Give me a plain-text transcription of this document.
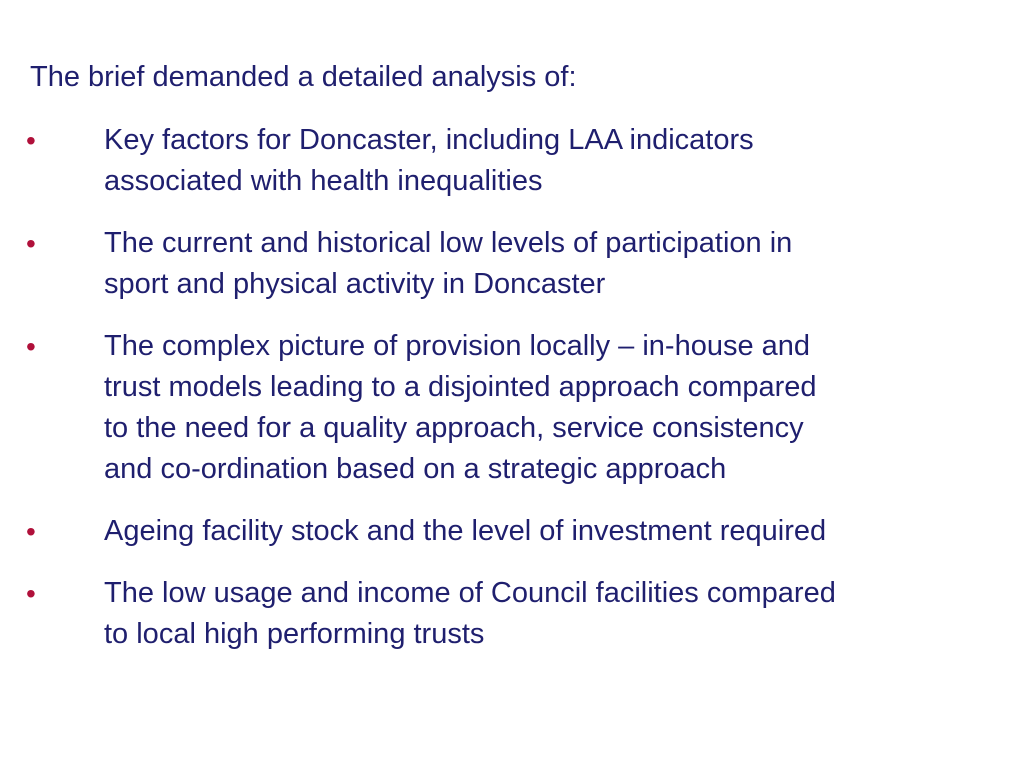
The brief demanded a detailed analysis of:

• Key factors for Doncaster, including LAA indicators
associated with health inequalities
• The current and historical low levels of participation in
sport and physical activity in Doncaster
• The complex picture of provision locally – in-house and
trust models leading to a disjointed approach compared
to the need for a quality approach, service consistency
and co-ordination based on a strategic approach
• Ageing facility stock and the level of investment required
• The low usage and income of Council facilities compared
to local high performing trusts
